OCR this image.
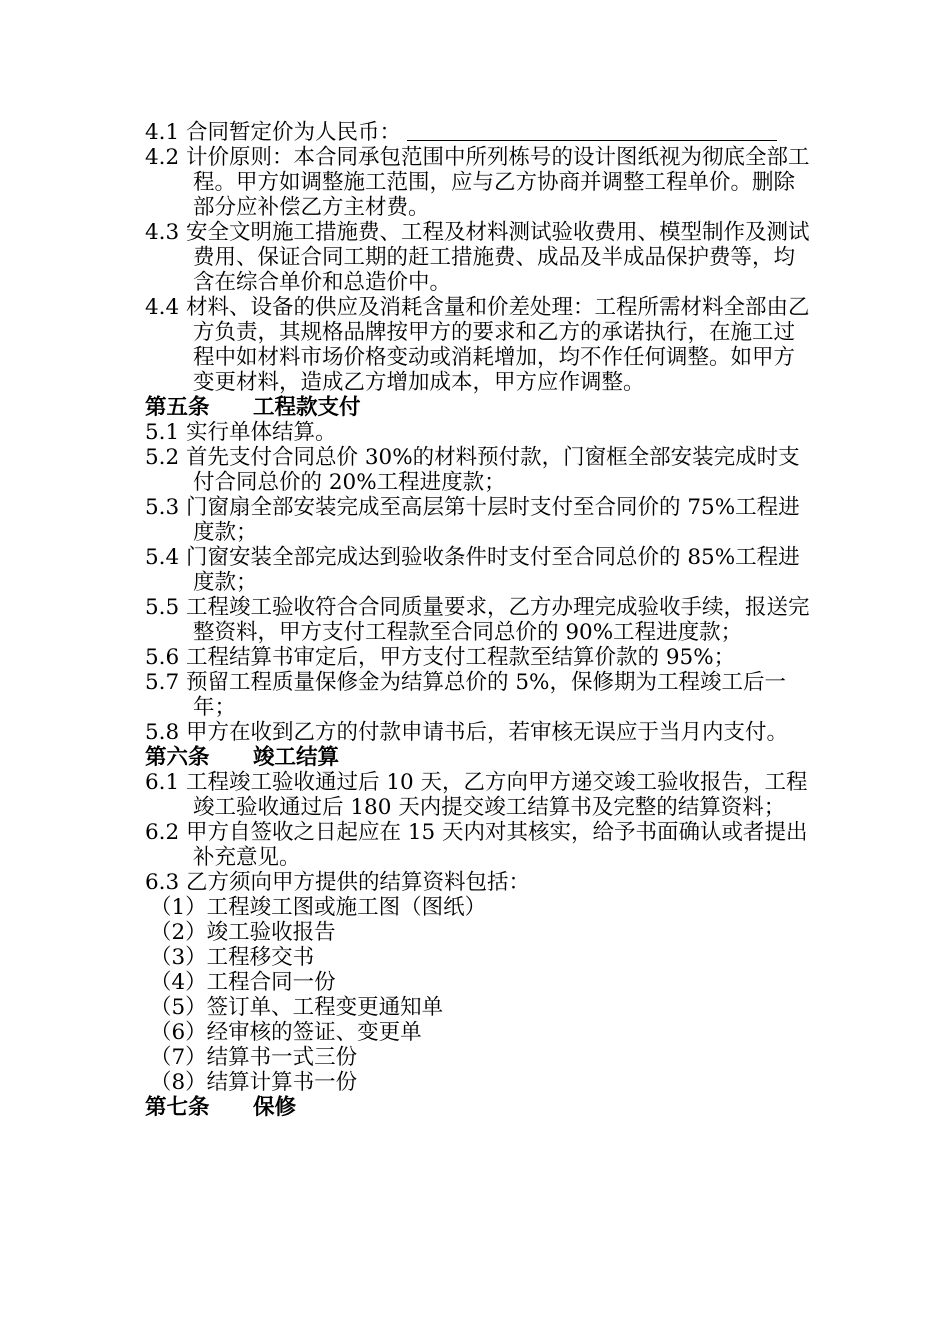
4.1 合同暂定价为人民币：

4.2 计价原则：本合同承包范围中所列栋号的设计图纸视为彻底全部工程。甲方如调整施工范围，应与乙方协商并调整工程单价。删除部分应补偿乙方主材费。

4.3 安全文明施工措施费、工程及材料测试验收费用、模型制作及测试费用、保证合同工期的赶工措施费、成品及半成品保护费等，均含在综合单价和总造价中。

4.4 材料、设备的供应及消耗含量和价差处理：工程所需材料全部由乙方负责，其规格品牌按甲方的要求和乙方的承诺执行，在施工过程中如材料市场价格变动或消耗增加，均不作任何调整。如甲方变更材料，造成乙方增加成本，甲方应作调整。

第五条 工程款支付

5.1 实行单体结算。

5.2 首先支付合同总价 30%的材料预付款，门窗框全部安装完成时支付合同总价的 20%工程进度款；

5.3 门窗扇全部安装完成至高层第十层时支付至合同价的 75%工程进度款；

5.4 门窗安装全部完成达到验收条件时支付至合同总价的 85%工程进度款；

5.5 工程竣工验收符合合同质量要求，乙方办理完成验收手续，报送完整资料，甲方支付工程款至合同总价的 90%工程进度款；

5.6 工程结算书审定后，甲方支付工程款至结算价款的 95%；

5.7 预留工程质量保修金为结算总价的 5%，保修期为工程竣工后一年；

5.8 甲方在收到乙方的付款申请书后，若审核无误应于当月内支付。

第六条 竣工结算

6.1 工程竣工验收通过后 10 天，乙方向甲方递交竣工验收报告，工程竣工验收通过后 180 天内提交竣工结算书及完整的结算资料；

6.2 甲方自签收之日起应在 15 天内对其核实，给予书面确认或者提出补充意见。

6.3 乙方须向甲方提供的结算资料包括：

（1）工程竣工图或施工图（图纸）

（2）竣工验收报告

（3）工程移交书

（4）工程合同一份

（5）签订单、工程变更通知单

（6）经审核的签证、变更单

（7）结算书一式三份

（8）结算计算书一份

第七条 保修
